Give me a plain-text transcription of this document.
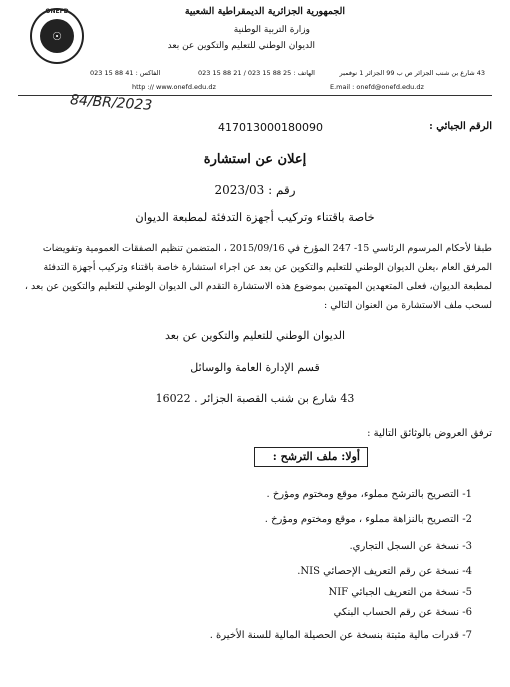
ONEFD
☉
الجمهورية الجزائرية الديمقراطية الشعبية
وزارة التربية الوطنية
الديوان الوطني للتعليم والتكوين عن بعد
43 شارع بن شنب الجزائر ص ب 99 الجزائر 1 نوفمبر
الهاتف : 25 88 15 023 / 21 88 15 023
الفاكس : 41 88 15 023
E.mail : onefd@onefd.edu.dz
http :// www.onefd.edu.dz
84/BR/2023
الرقم الجبائي :
417013000180090
إعلان عن استشارة
رقم : 2023/03
خاصة باقتناء وتركيب أجهزة التدفئة لمطبعة الديوان
طبقا لأحكام المرسوم الرئاسي 15- 247 المؤرخ في 2015/09/16 ، المتضمن تنظيم الصفقات العمومية وتفويضات
المرفق العام ،يعلن الديوان الوطني للتعليم والتكوين عن بعد عن اجراء استشارة خاصة باقتناء وتركيب أجهزة التدفئة
لمطبعة الديوان، فعلى المتعهدين المهتمين بموضوع هذه الاستشارة التقدم الى الديوان الوطني للتعليم والتكوين عن بعد ،
لسحب ملف الاستشارة من العنوان التالي :
الديوان الوطني للتعليم والتكوين عن بعد
قسم الإدارة العامة والوسائل
43 شارع بن شنب القصبة الجزائر . 16022
ترفق العروض بالوثائق التالية :
أولا: ملف الترشح :
1- التصريح بالترشح مملوء، موقع ومختوم ومؤرخ .
2- التصريح بالنزاهة مملوء ، موقع ومختوم ومؤرخ .
3- نسخة عن السجل التجاري.
4- نسخة عن رقم التعريف الإحصائي NIS.
5- نسخة من التعريف الجبائي NIF
6- نسخة عن رقم الحساب البنكي
7- قدرات مالية مثبتة بنسخة عن الحصيلة المالية للسنة الأخيرة .
